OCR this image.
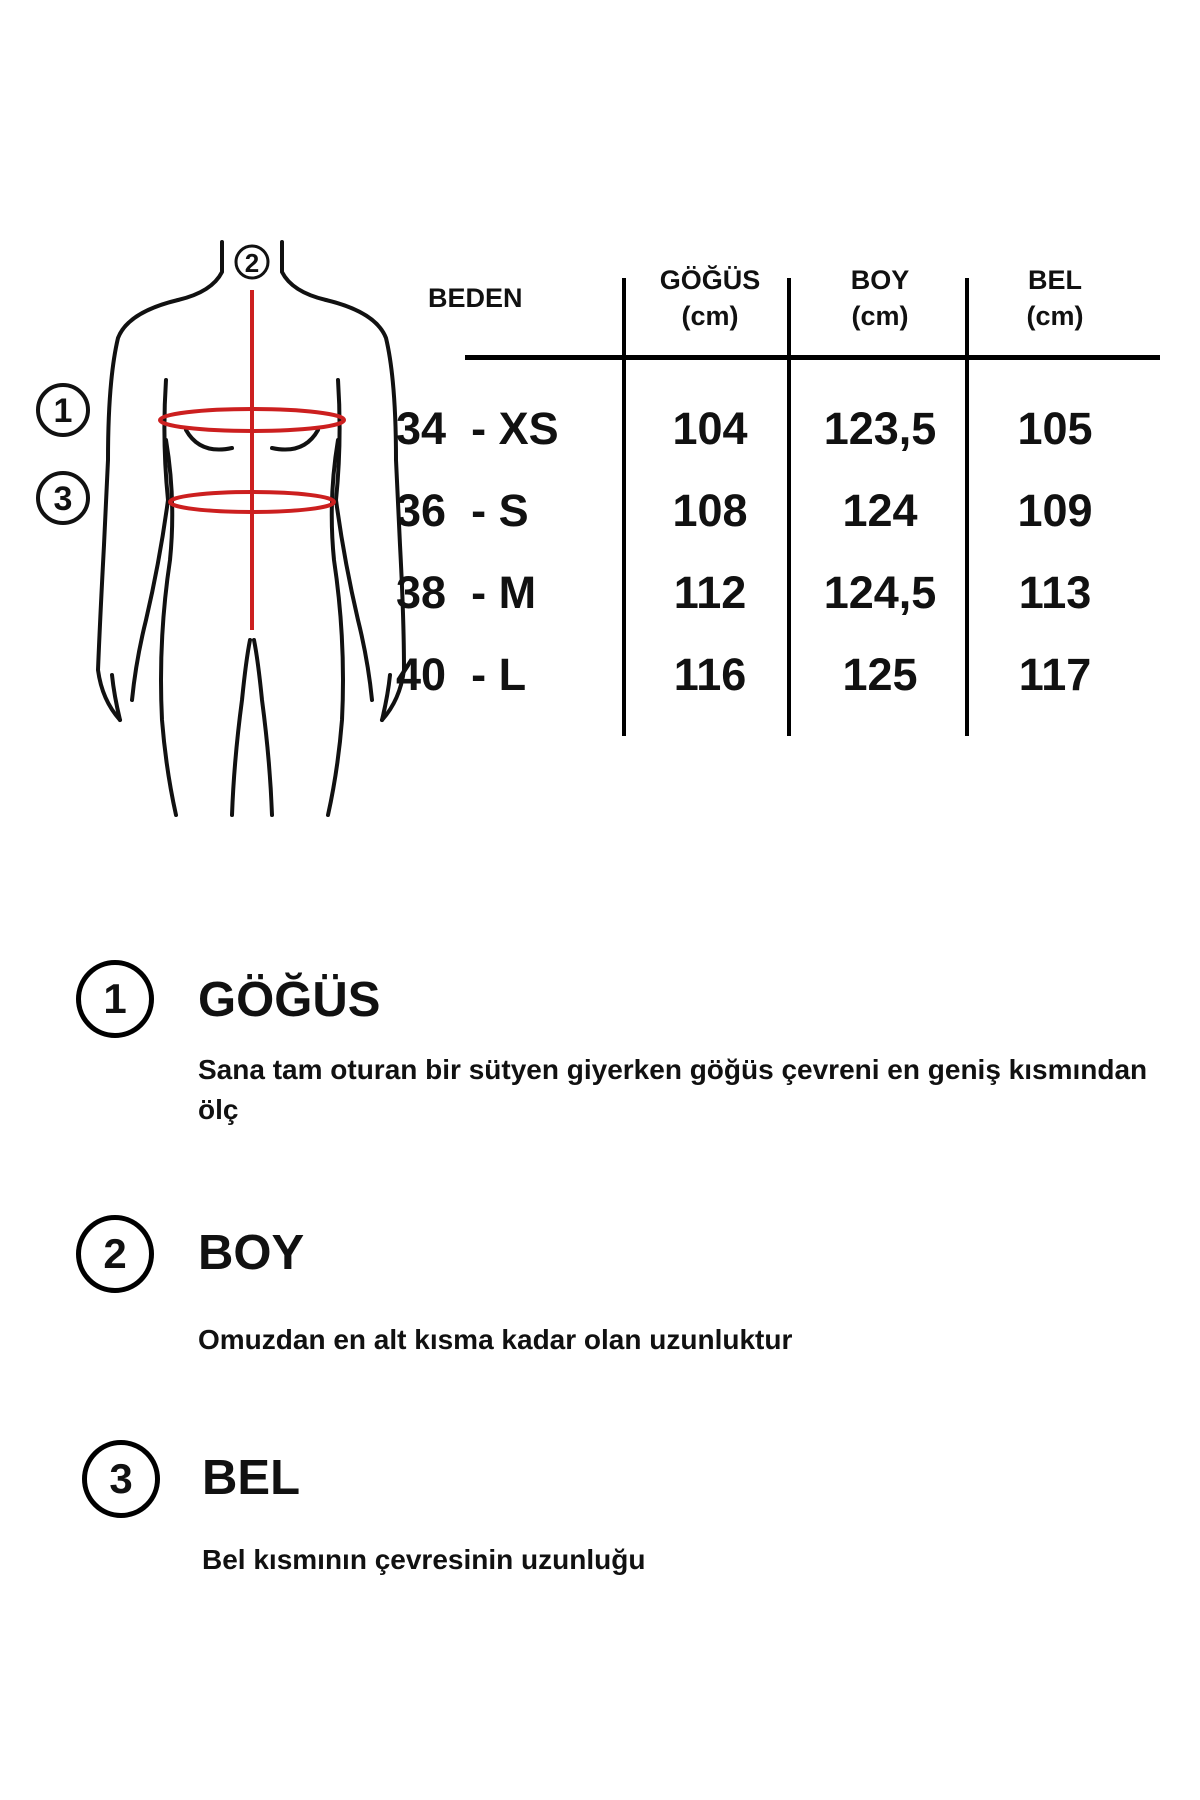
2
1
3
BEDEN
GÖĞÜS
(cm)
BOY
(cm)
BEL
(cm)
34  - XS	104	123,5	105
36  - S	108	124	109
38  - M	112	124,5	113
40  - L	116	125	117
1	GÖĞÜS
Sana tam oturan bir sütyen giyerken göğüs çevreni en geniş kısmından ölç
2	BOY
Omuzdan en alt kısma kadar olan uzunluktur
3	BEL
Bel kısmının çevresinin uzunluğu
